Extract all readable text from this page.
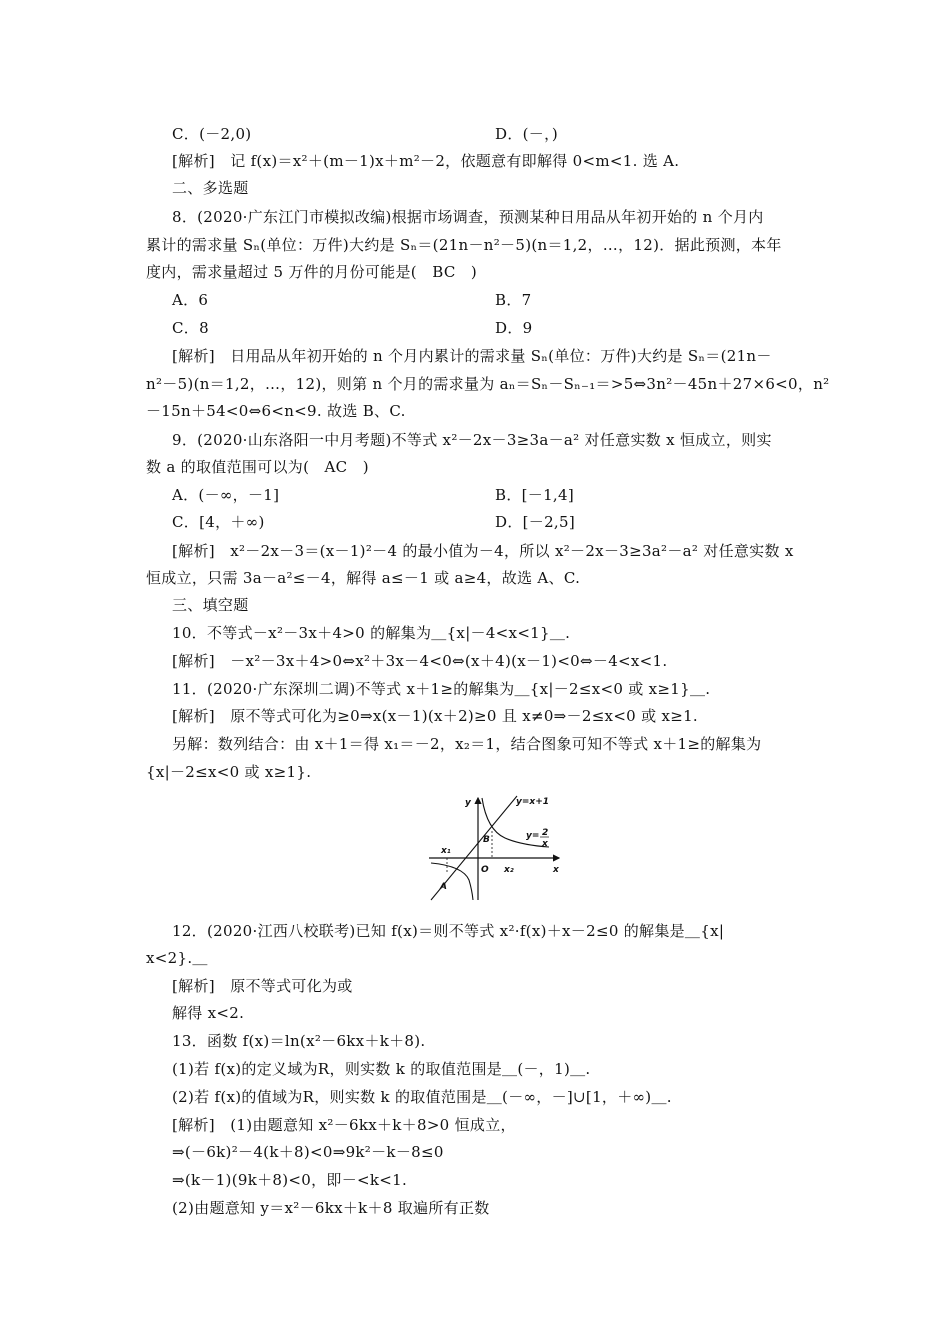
C．(－2,0)	D．(－，)
[解析]　记 f(x)＝x²＋(m－1)x＋m²－2，依题意有即解得 0<m<1. 选 A.
二、多选题
8．(2020·广东江门市模拟改编)根据市场调查，预测某种日用品从年初开始的 n 个月内
累计的需求量 Sₙ(单位：万件)大约是 Sₙ＝(21n－n²－5)(n＝1,2，…，12)．据此预测，本年
度内，需求量超过 5 万件的月份可能是(　BC　)
A．6	B．7
C．8	D．9
[解析]　日用品从年初开始的 n 个月内累计的需求量 Sₙ(单位：万件)大约是 Sₙ＝(21n－
n²－5)(n＝1,2，…，12)，则第 n 个月的需求量为 aₙ＝Sₙ－Sₙ₋₁＝>5⇔3n²－45n＋27×6<0，n²
－15n＋54<0⇔6<n<9. 故选 B、C.
9．(2020·山东洛阳一中月考题)不等式 x²－2x－3≥3a－a² 对任意实数 x 恒成立，则实
数 a 的取值范围可以为(　AC　)
A．(－∞，－1]	B．[－1,4]
C．[4，＋∞)	D．[－2,5]
[解析]　x²－2x－3＝(x－1)²－4 的最小值为－4，所以 x²－2x－3≥3a²－a² 对任意实数 x
恒成立，只需 3a－a²≤－4，解得 a≤－1 或 a≥4，故选 A、C.
三、填空题
10．不等式－x²－3x＋4>0 的解集为＿{x|－4<x<1}＿.
[解析]　－x²－3x＋4>0⇔x²＋3x－4<0⇔(x＋4)(x－1)<0⇔－4<x<1.
11．(2020·广东深圳二调)不等式 x＋1≥的解集为＿{x|－2≤x<0 或 x≥1}＿.
[解析]　原不等式可化为≥0⇒x(x－1)(x＋2)≥0 且 x≠0⇒－2≤x<0 或 x≥1.
另解：数列结合：由 x＋1＝得 x₁＝－2，x₂＝1，结合图象可知不等式 x＋1≥的解集为
{x|－2≤x<0 或 x≥1}.
y
x
y=x+1
y= 2
x
O
B
A
x₁
x₂
12．(2020·江西八校联考)已知 f(x)＝则不等式 x²·f(x)＋x－2≤0 的解集是＿{x|
x<2}.＿
[解析]　原不等式可化为或
解得 x<2.
13．函数 f(x)＝ln(x²－6kx＋k＋8).
(1)若 f(x)的定义域为R，则实数 k 的取值范围是＿(－，1)＿.
(2)若 f(x)的值域为R，则实数 k 的取值范围是＿(－∞，－]∪[1，＋∞)＿.
[解析]　(1)由题意知 x²－6kx＋k＋8>0 恒成立，
⇒(－6k)²－4(k＋8)<0⇒9k²－k－8≤0
⇒(k－1)(9k＋8)<0，即－<k<1.
(2)由题意知 y＝x²－6kx＋k＋8 取遍所有正数
